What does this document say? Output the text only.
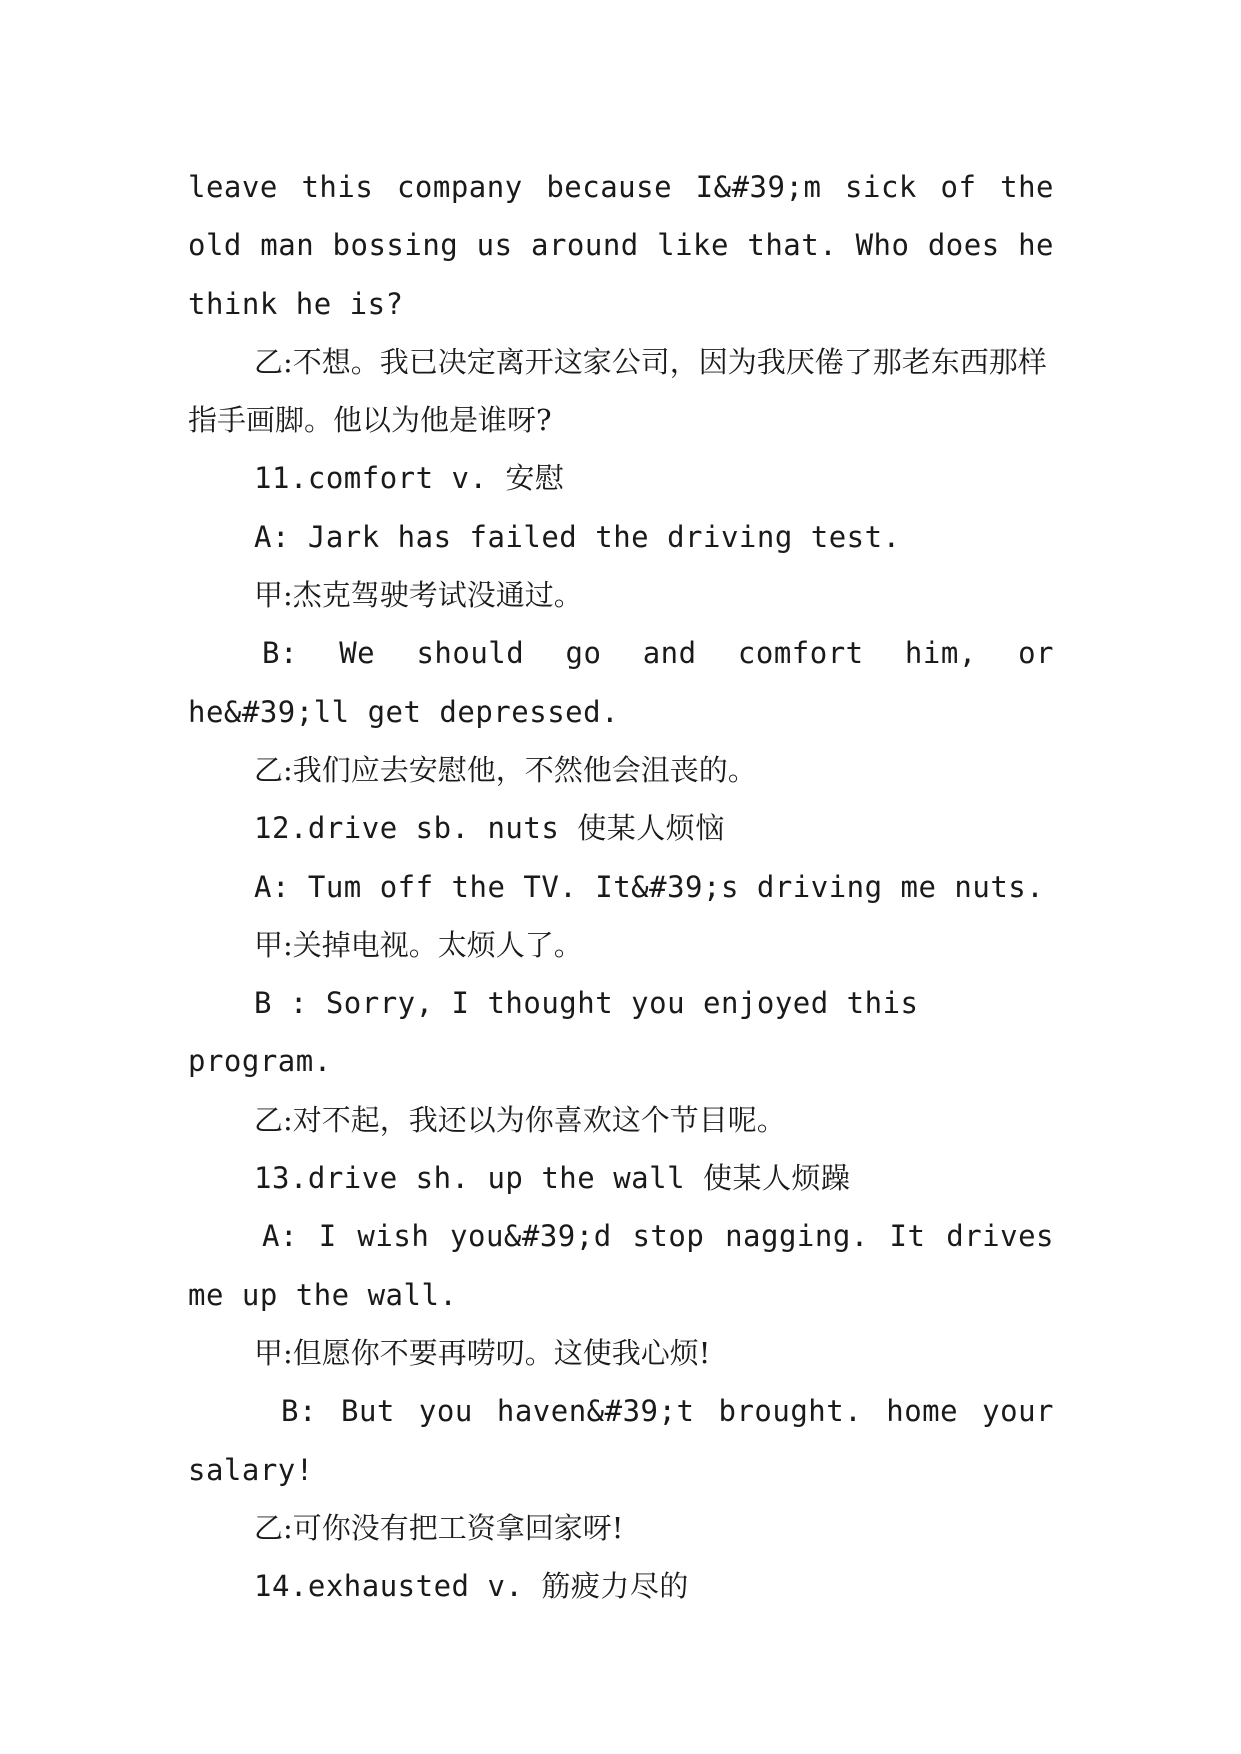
leave this company because I&#39;m sick of the old man bossing us around like that. Who does he think he is?

乙:不想。我已决定离开这家公司，因为我厌倦了那老东西那样指手画脚。他以为他是谁呀?

11.comfort v. 安慰

A: Jark has failed the driving test.

甲:杰克驾驶考试没通过。

B: We should go and comfort him, or he&#39;ll get depressed.

乙:我们应去安慰他，不然他会沮丧的。

12.drive sb. nuts 使某人烦恼

A: Tum off the TV. It&#39;s driving me nuts.

甲:关掉电视。太烦人了。

B : Sorry, I thought you enjoyed this program.

乙:对不起，我还以为你喜欢这个节目呢。

13.drive sh. up the wall 使某人烦躁

A: I wish you&#39;d stop nagging. It drives me up the wall.

甲:但愿你不要再唠叨。这使我心烦!

B: But you haven&#39;t brought. home your salary!

乙:可你没有把工资拿回家呀!

14.exhausted v. 筋疲力尽的
